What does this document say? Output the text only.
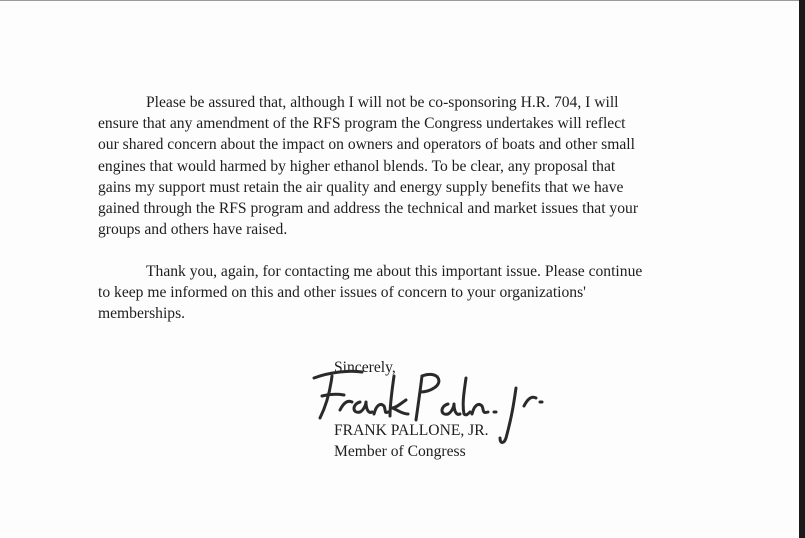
Please be assured that, although I will not be co-sponsoring H.R. 704, I will
ensure that any amendment of the RFS program the Congress undertakes will reflect
our shared concern about the impact on owners and operators of boats and other small
engines that would harmed by higher ethanol blends. To be clear, any proposal that
gains my support must retain the air quality and energy supply benefits that we have
gained through the RFS program and address the technical and market issues that your
groups and others have raised.
Thank you, again, for contacting me about this important issue. Please continue
to keep me informed on this and other issues of concern to your organizations'
memberships.
Sincerely,
FRANK PALLONE, JR.
Member of Congress
